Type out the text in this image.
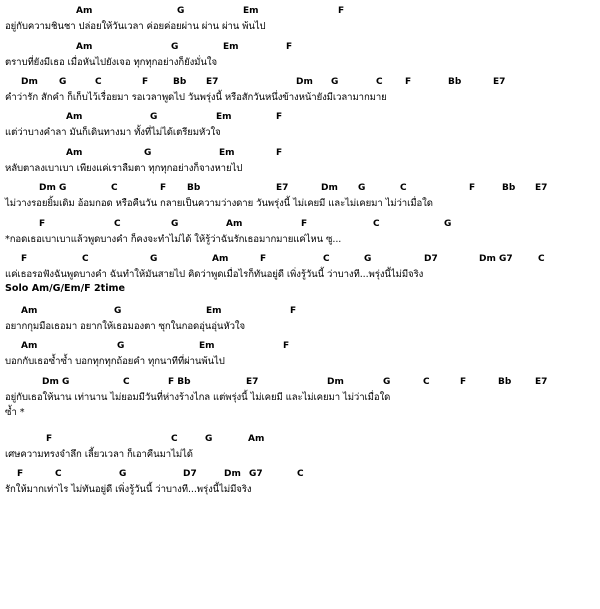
Am	G	Em	F
อยู่กับความชินชา ปล่อยให้วันเวลา ค่อยค่อยผ่าน ผ่าน ผ่าน พ้นไป
Am	G	Em	F
ตราบที่ยังมีเธอ เมื่อหันไปยังเจอ ทุกทุกอย่างก็ยังมั่นใจ
Dm G	C	F	Bb E7	Dm G	C F	Bb	E7
คำว่ารัก สักคำ ก็เก็บไว้เรื่อยมา รอเวลาพูดไป วันพรุ่งนี้ หรือสักวันหนึ่งข้างหน้ายังมีเวลามากมาย
Am	G	Em	F
แต่ว่าบางคำลา มันก็เดินทางมา ทั้งที่ไม่ได้เตรียมหัวใจ
Am	G	Em	F
หลับตาลงเบาเบา เพียงแค่เราลืมตา ทุกทุกอย่างก็จางหายไป
Dm G	C	F Bb	E7	Dm G	C	F	Bb E7
ไม่วางรอยยิ้มเดิม อ้อมกอด หรือคืนวัน กลายเป็นความว่างดาย วันพรุ่งนี้ ไม่เคยมี และไม่เคยมา ไม่ว่าเมื่อใด
F	C	G	Am	F	C	G
*กอดเธอเบาเบาแล้วพูดบางคำ ก็คงจะทำไม่ได้ ให้รู้ว่าฉันรักเธอมากมายแค่ไหน ซู...
F	C	G	Am	F	C	G	D7	Dm G7	C
แค่เธอรอฟังฉันพูดบางคำ ฉันทำให้มันสายไป คิดว่าพูดเมื่อไรก็ทันอยู่ดี เพิ่งรู้วันนี้ ว่าบางที...พรุ่งนี้ไม่มีจริง
Solo Am/G/Em/F 2time
Am	G	Em	F
อยากกุมมือเธอมา อยากให้เธอมองตา ซุกในกอดอุ่นอุ่นหัวใจ
Am	G	Em	F
บอกกับเธอซ้ำซ้ำ บอกทุกทุกถ้อยคำ ทุกนาทีที่ผ่านพ้นไป
Dm G	C	F Bb	E7	Dm	G	C	F	Bb	E7
อยู่กับเธอให้นาน เท่านาน ไม่ยอมมีวันที่ห่างร้างไกล แต่พรุ่งนี้ ไม่เคยมี และไม่เคยมา ไม่ว่าเมื่อใด
ซ้ำ *
F	C	G	Am
เศษความทรงจำลึก เลี้ยวเวลา ก็เอาคืนมาไม่ได้
F	C	G	D7	Dm G7	C
รักให้มากเท่าไร ไม่ทันอยู่ดี เพิ่งรู้วันนี้ ว่าบางที...พรุ่งนี้ไม่มีจริง
